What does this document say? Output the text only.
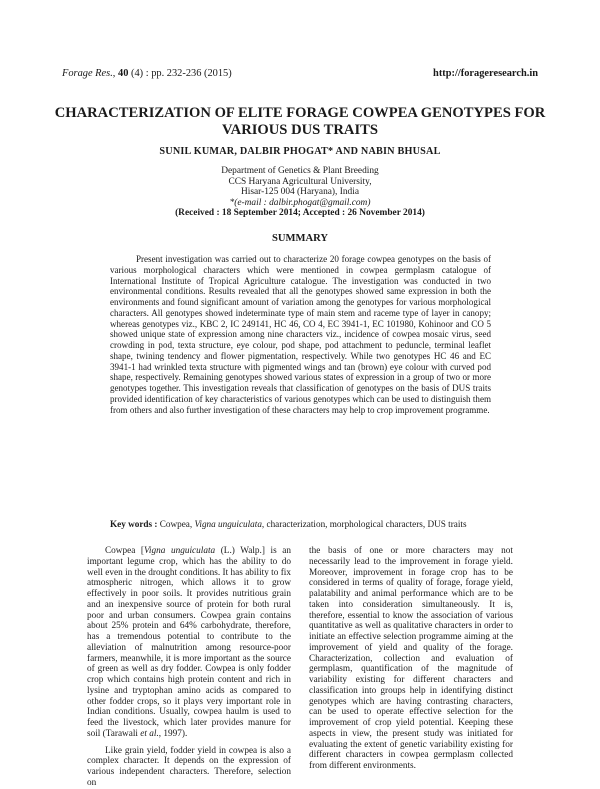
Forage Res., 40 (4) : pp. 232-236 (2015)	http://forageresearch.in
CHARACTERIZATION OF ELITE FORAGE COWPEA GENOTYPES FOR
VARIOUS DUS TRAITS
SUNIL KUMAR, DALBIR PHOGAT* AND NABIN BHUSAL
Department of Genetics & Plant Breeding
CCS Haryana Agricultural University,
Hisar-125 004 (Haryana), India
*(e-mail : dalbir.phogat@gmail.com)
(Received : 18 September 2014; Accepted : 26 November 2014)
SUMMARY

Present investigation was carried out to characterize 20 forage cowpea genotypes on the basis of various morphological characters which were mentioned in cowpea germplasm catalogue of International Institute of Tropical Agriculture catalogue. The investigation was conducted in two environmental conditions. Results revealed that all the genotypes showed same expression in both the environments and found significant amount of variation among the genotypes for various morphological characters. All genotypes showed indeterminate type of main stem and raceme type of layer in canopy; whereas genotypes viz., KBC 2, IC 249141, HC 46, CO 4, EC 3941-1, EC 101980, Kohinoor and CO 5 showed unique state of expression among nine characters viz., incidence of cowpea mosaic virus, seed crowding in pod, texta structure, eye colour, pod shape, pod attachment to peduncle, terminal leaflet shape, twining tendency and flower pigmentation, respectively. While two genotypes HC 46 and EC 3941-1 had wrinkled texta structure with pigmented wings and tan (brown) eye colour with curved pod shape, respectively. Remaining genotypes showed various states of expression in a group of two or more genotypes together. This investigation reveals that classification of genotypes on the basis of DUS traits provided identification of key characteristics of various genotypes which can be used to distinguish them from others and also further investigation of these characters may help to crop improvement programme.

Key words : Cowpea, Vigna unguiculata, characterization, morphological characters, DUS traits

Cowpea [Vigna unguiculata (L.) Walp.] is an important legume crop, which has the ability to do well even in the drought conditions. It has ability to fix atmospheric nitrogen, which allows it to grow effectively in poor soils. It provides nutritious grain and an inexpensive source of protein for both rural poor and urban consumers. Cowpea grain contains about 25% protein and 64% carbohydrate, therefore, has a tremendous potential to contribute to the alleviation of malnutrition among resource-poor farmers, meanwhile, it is more important as the source of green as well as dry fodder. Cowpea is only fodder crop which contains high protein content and rich in lysine and tryptophan amino acids as compared to other fodder crops, so it plays very important role in Indian conditions. Usually, cowpea haulm is used to feed the livestock, which later provides manure for soil (Tarawali et al., 1997).

Like grain yield, fodder yield in cowpea is also a complex character. It depends on the expression of various independent characters. Therefore, selection on

the basis of one or more characters may not necessarily lead to the improvement in forage yield. Moreover, improvement in forage crop has to be considered in terms of quality of forage, forage yield, palatability and animal performance which are to be taken into consideration simultaneously. It is, therefore, essential to know the association of various quantitative as well as qualitative characters in order to initiate an effective selection programme aiming at the improvement of yield and quality of the forage. Characterization, collection and evaluation of germplasm, quantification of the magnitude of variability existing for different characters and classification into groups help in identifying distinct genotypes which are having contrasting characters, can be used to operate effective selection for the improvement of crop yield potential. Keeping these aspects in view, the present study was initiated for evaluating the extent of genetic variability existing for different characters in cowpea germplasm collected from different environments.
